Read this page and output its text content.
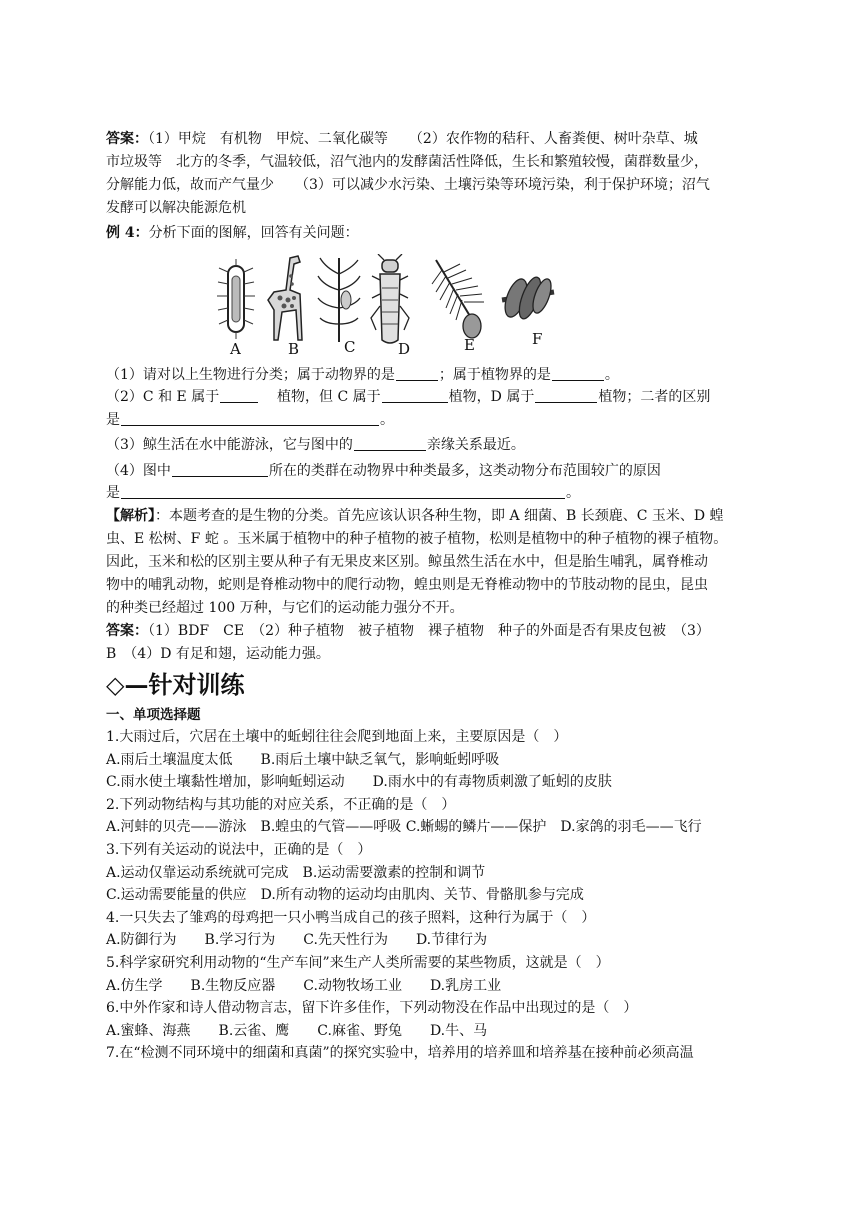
答案：（1）甲烷　有机物　甲烷、二氧化碳等　　（2）农作物的秸秆、人畜粪便、树叶杂草、城
市垃圾等　北方的冬季，气温较低，沼气池内的发酵菌活性降低，生长和繁殖较慢，菌群数量少，
分解能力低，故而产气量少　　（3）可以减少水污染、土壤污染等环境污染，利于保护环境；沼气
发酵可以解决能源危机
例 4：分析下面的图解，回答有关问题：
A	B	C	D	E	F
（1）请对以上生物进行分类；属于动物界的是	；属于植物界的是	。
（2）C 和 E 属于	植物，但 C 属于	植物，D 属于	植物；二者的区别
是	。
（3）鲸生活在水中能游泳，它与图中的	亲缘关系最近。
（4）图中	所在的类群在动物界中种类最多，这类动物分布范围较广的原因
是	。
【解析】：本题考查的是生物的分类。首先应该认识各种生物，即 A 细菌、B 长颈鹿、C 玉米、D 蝗
虫、E 松树、F 蛇 。玉米属于植物中的种子植物的被子植物，松则是植物中的种子植物的裸子植物。
因此，玉米和松的区别主要从种子有无果皮来区别。鲸虽然生活在水中，但是胎生哺乳，属脊椎动
物中的哺乳动物，蛇则是脊椎动物中的爬行动物，蝗虫则是无脊椎动物中的节肢动物的昆虫，昆虫
的种类已经超过 100 万种，与它们的运动能力强分不开。
答案：（1）BDF　CE　（2）种子植物　被子植物　裸子植物　种子的外面是否有果皮包被　（3）
B　（4）D 有足和翅，运动能力强。
◇—针对训练
一、单项选择题
1.大雨过后，穴居在土壤中的蚯蚓往往会爬到地面上来，主要原因是（　）
A.雨后土壤温度太低　　B.雨后土壤中缺乏氧气，影响蚯蚓呼吸
C.雨水使土壤黏性增加，影响蚯蚓运动　　D.雨水中的有毒物质刺激了蚯蚓的皮肤
2.下列动物结构与其功能的对应关系，不正确的是（　）
A.河蚌的贝壳——游泳　B.蝗虫的气管——呼吸 C.蜥蜴的鳞片——保护　D.家鸽的羽毛——飞行
3.下列有关运动的说法中，正确的是（　）
A.运动仅靠运动系统就可完成　B.运动需要激素的控制和调节
C.运动需要能量的供应　D.所有动物的运动均由肌肉、关节、骨骼肌参与完成
4.一只失去了雏鸡的母鸡把一只小鸭当成自己的孩子照料，这种行为属于（　）
A.防御行为　　B.学习行为　　C.先天性行为　　D.节律行为
5.科学家研究利用动物的“生产车间”来生产人类所需要的某些物质，这就是（　）
A.仿生学　　B.生物反应器　　C.动物牧场工业　　D.乳房工业
6.中外作家和诗人借动物言志，留下许多佳作，下列动物没在作品中出现过的是（　）
A.蜜蜂、海燕　　B.云雀、鹰　　C.麻雀、野兔　　D.牛、马
7.在“检测不同环境中的细菌和真菌”的探究实验中，培养用的培养皿和培养基在接种前必须高温
